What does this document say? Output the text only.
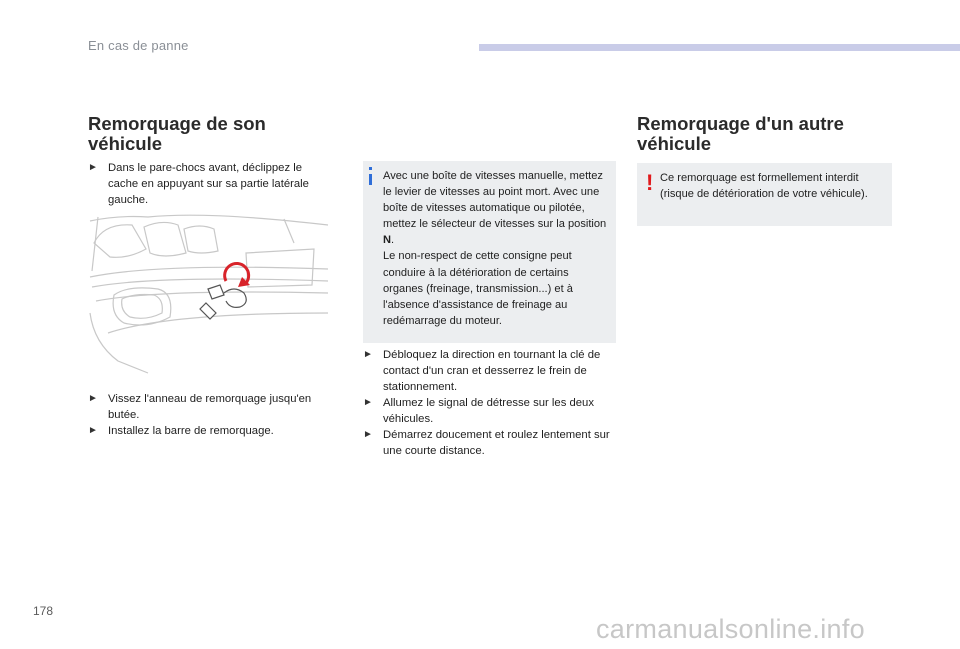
En cas de panne
Remorquage de son véhicule
► Dans le pare-chocs avant, déclippez le cache en appuyant sur sa partie latérale gauche.
► Vissez l'anneau de remorquage jusqu'en butée.
► Installez la barre de remorquage.

Avec une boîte de vitesses manuelle, mettez le levier de vitesses au point mort. Avec une boîte de vitesses automatique ou pilotée, mettez le sélecteur de vitesses sur la position N.
Le non-respect de cette consigne peut conduire à la détérioration de certains organes (freinage, transmission...) et à l'absence d'assistance de freinage au redémarrage du moteur.

► Débloquez la direction en tournant la clé de contact d'un cran et desserrez le frein de stationnement.
► Allumez le signal de détresse sur les deux véhicules.
► Démarrez doucement et roulez lentement sur une courte distance.
Remorquage d'un autre véhicule
! Ce remorquage est formellement interdit (risque de détérioration de votre véhicule).

178
carmanualsonline.info
